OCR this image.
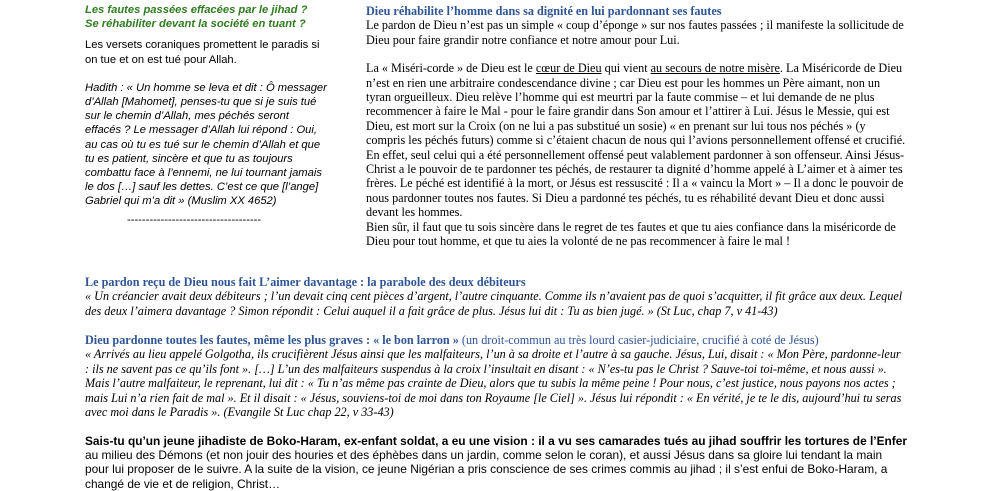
Les fautes passées effacées par le jihad ?

Se réhabiliter devant la société en tuant ?

Les versets coraniques promettent le paradis si on tue et on est tué pour Allah.

Hadith : « Un homme se leva et dit : Ô messager d’Allah [Mahomet], penses-tu que si je suis tué sur le chemin d’Allah, mes péchés seront effacés ? Le messager d’Allah lui répond : Oui, au cas où tu es tué sur le chemin d’Allah et que tu es patient, sincère et que tu as toujours combattu face à l’ennemi, ne lui tournant jamais le dos […] sauf les dettes. C’est ce que [l’ange] Gabriel qui m’a dit » (Muslim XX 4652)

------------------------------------

Dieu réhabilite l’homme dans sa dignité en lui pardonnant ses fautes

Le pardon de Dieu n’est pas un simple « coup d’éponge » sur nos fautes passées ; il manifeste la sollicitude de Dieu pour faire grandir notre confiance et notre amour pour Lui.

La « Miséri-corde » de Dieu est le cœur de Dieu qui vient au secours de notre misère. La Miséricorde de Dieu n’est en rien une arbitraire condescendance divine ; car Dieu est pour les hommes un Père aimant, non un tyran orgueilleux. Dieu relève l’homme qui est meurtri par la faute commise – et lui demande de ne plus recommencer à faire le Mal - pour le faire grandir dans Son amour et l’attirer à Lui. Jésus le Messie, qui est Dieu, est mort sur la Croix (on ne lui a pas substitué un sosie) « en prenant sur lui tous nos péchés » (y compris les péchés futurs) comme si c’étaient chacun de nous qui l’avions personnellement offensé et crucifié. En effet, seul celui qui a été personnellement offensé peut valablement pardonner à son offenseur. Ainsi Jésus-Christ a le pouvoir de te pardonner tes péchés, de restaurer ta dignité d’homme appelé à L’aimer et à aimer tes frères. Le péché est identifié à la mort, or Jésus est ressuscité : Il a « vaincu la Mort » – Il a donc le pouvoir de nous pardonner toutes nos fautes. Si Dieu a pardonné tes péchés, tu es réhabilité devant Dieu et donc aussi devant les hommes.

Bien sûr, il faut que tu sois sincère dans le regret de tes fautes et que tu aies confiance dans la miséricorde de Dieu pour tout homme, et que tu aies la volonté de ne pas recommencer à faire le mal !

Le pardon reçu de Dieu nous fait L’aimer davantage : la parabole des deux débiteurs

« Un créancier avait deux débiteurs ; l’un devait cinq cent pièces d’argent, l’autre cinquante. Comme ils n’avaient pas de quoi s’acquitter, il fit grâce aux deux. Lequel des deux l’aimera davantage ? Simon répondit : Celui auquel il a fait grâce de plus. Jésus lui dit : Tu as bien jugé. » (St Luc, chap 7, v 41-43)

Dieu pardonne toutes les fautes, même les plus graves : « le bon larron » (un droit-commun au très lourd casier-judiciaire, crucifié à coté de Jésus)

« Arrivés au lieu appelé Golgotha, ils crucifièrent Jésus ainsi que les malfaiteurs, l’un à sa droite et l’autre à sa gauche. Jésus, Lui, disait : « Mon Père, pardonne-leur : ils ne savent pas ce qu’ils font ». […] L’un des malfaiteurs suspendus à la croix l’insultait en disant : « N’es-tu pas le Christ ? Sauve-toi toi-même, et nous aussi ». Mais l’autre malfaiteur, le reprenant, lui dit : « Tu n’as même pas crainte de Dieu, alors que tu subis la même peine ! Pour nous, c’est justice, nous payons nos actes ; mais Lui n’a rien fait de mal ». Et il disait : « Jésus, souviens-toi de moi dans ton Royaume [le Ciel] ». Jésus lui répondit : « En vérité, je te le dis, aujourd’hui tu seras avec moi dans le Paradis ». (Evangile St Luc chap 22, v 33-43)

Sais-tu qu’un jeune jihadiste de Boko-Haram, ex-enfant soldat, a eu une vision : il a vu ses camarades tués au jihad souffrir les tortures de l’Enfer au milieu des Démons (et non jouir des houries et des éphèbes dans un jardin, comme selon le coran), et aussi Jésus dans sa gloire lui tendant la main pour lui proposer de le suivre. A la suite de la vision, ce jeune Nigérian a pris conscience de ses crimes commis au jihad ; il s’est enfui de Boko-Haram, a changé de vie et de religion, Christ…
